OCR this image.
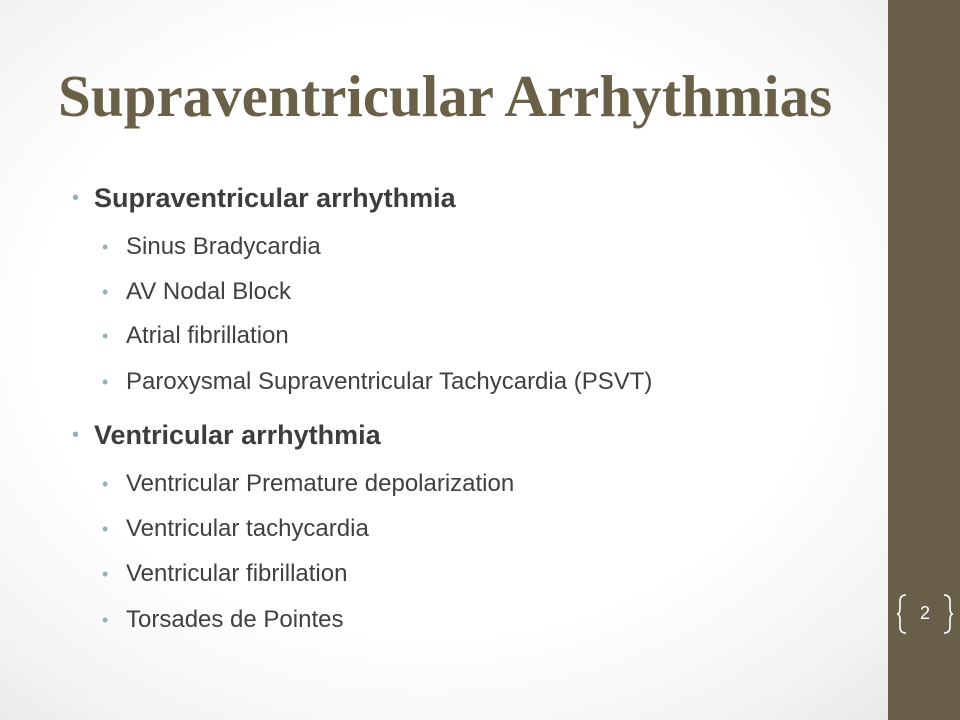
Supraventricular Arrhythmias
• Supraventricular arrhythmia
• Sinus Bradycardia
• AV Nodal Block
• Atrial fibrillation
• Paroxysmal Supraventricular Tachycardia (PSVT)
• Ventricular arrhythmia
• Ventricular Premature depolarization
• Ventricular tachycardia
• Ventricular fibrillation
• Torsades de Pointes	2
